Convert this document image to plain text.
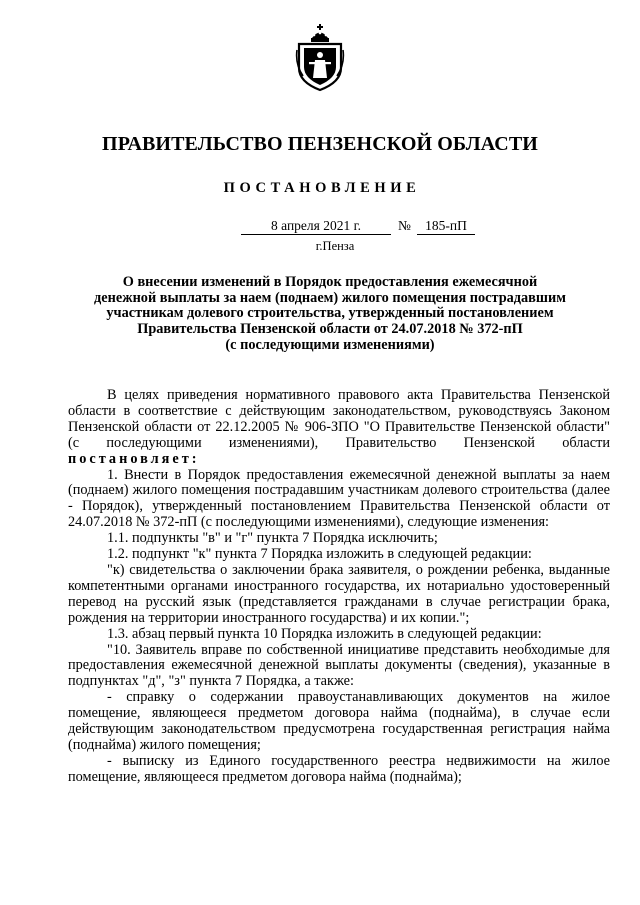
ПРАВИТЕЛЬСТВО ПЕНЗЕНСКОЙ ОБЛАСТИ
ПОСТАНОВЛЕНИЕ
8 апреля 2021 г.	№	185-пП
г.Пенза
О внесении изменений в Порядок предоставления ежемесячной
денежной выплаты за наем (поднаем) жилого помещения пострадавшим
участникам долевого строительства, утвержденный постановлением
Правительства Пензенской области от 24.07.2018 № 372-пП
(с последующими изменениями)

В целях приведения нормативного правового акта Правительства Пензенской области в соответствие с действующим законодательством, руководствуясь Законом Пензенской области от 22.12.2005 № 906-ЗПО "О Правительстве Пензенской области" (с последующими изменениями), Правительство Пензенской области постановляет:

1. Внести в Порядок предоставления ежемесячной денежной выплаты за наем (поднаем) жилого помещения пострадавшим участникам долевого строительства (далее - Порядок), утвержденный постановлением Правительства Пензенской области от 24.07.2018 № 372-пП (с последующими изменениями), следующие изменения:

1.1. подпункты "в" и "г" пункта 7 Порядка исключить;

1.2. подпункт "к" пункта 7 Порядка изложить в следующей редакции:

"к) свидетельства о заключении брака заявителя, о рождении ребенка, выданные компетентными органами иностранного государства, их нотариально удостоверенный перевод на русский язык (представляется гражданами в случае регистрации брака, рождения на территории иностранного государства) и их копии.";

1.3. абзац первый пункта 10 Порядка изложить в следующей редакции:

"10. Заявитель вправе по собственной инициативе представить необходимые для предоставления ежемесячной денежной выплаты документы (сведения), указанные в подпунктах "д", "з" пункта 7 Порядка, а также:

- справку о содержании правоустанавливающих документов на жилое помещение, являющееся предметом договора найма (поднайма), в случае если действующим законодательством предусмотрена государственная регистрация найма (поднайма) жилого помещения;

- выписку из Единого государственного реестра недвижимости на жилое помещение, являющееся предметом договора найма (поднайма);
